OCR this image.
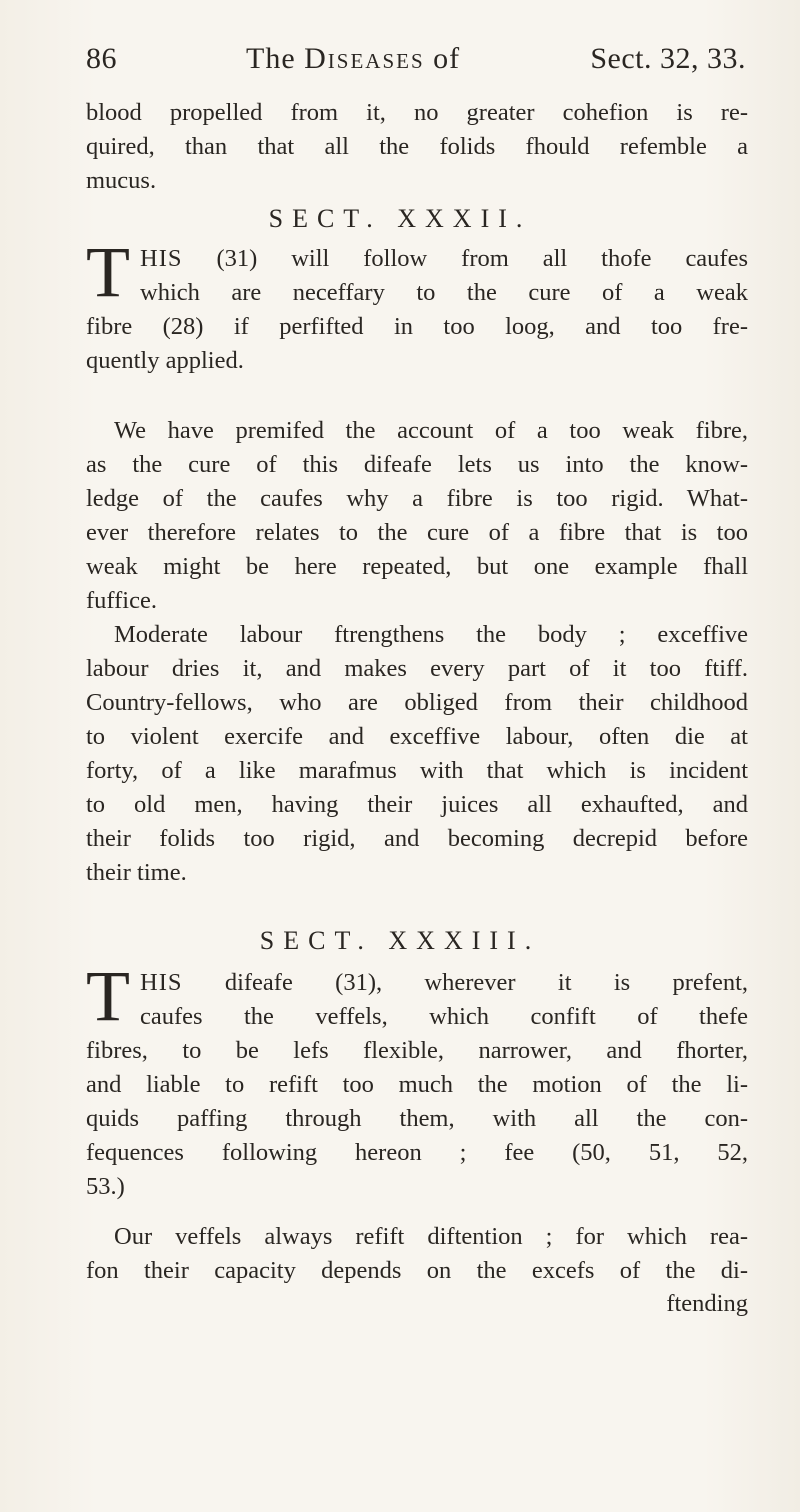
86	The Diseases of	Sect. 32, 33.
blood propelled from it, no greater cohefion is re-
quired, than that all the folids fhould refemble a
mucus.
SECT. XXXII.
T HIS (31) will follow from all thofe caufes
which are neceffary to the cure of a weak
fibre (28) if perfifted in too loog, and too fre-
quently applied.
We have premifed the account of a too weak fibre,
as the cure of this difeafe lets us into the know-
ledge of the caufes why a fibre is too rigid. What-
ever therefore relates to the cure of a fibre that is too
weak might be here repeated, but one example fhall
fuffice.
Moderate labour ftrengthens the body ; exceffive
labour dries it, and makes every part of it too ftiff.
Country-fellows, who are obliged from their childhood
to violent exercife and exceffive labour, often die at
forty, of a like marafmus with that which is incident
to old men, having their juices all exhaufted, and
their folids too rigid, and becoming decrepid before
their time.
SECT. XXXIII.
T HIS difeafe (31), wherever it is prefent,
caufes the veffels, which confift of thefe
fibres, to be lefs flexible, narrower, and fhorter,
and liable to refift too much the motion of the li-
quids paffing through them, with all the con-
fequences following hereon ; fee (50, 51, 52,
53.)
Our veffels always refift diftention ; for which rea-
fon their capacity depends on the excefs of the di-
ftending
